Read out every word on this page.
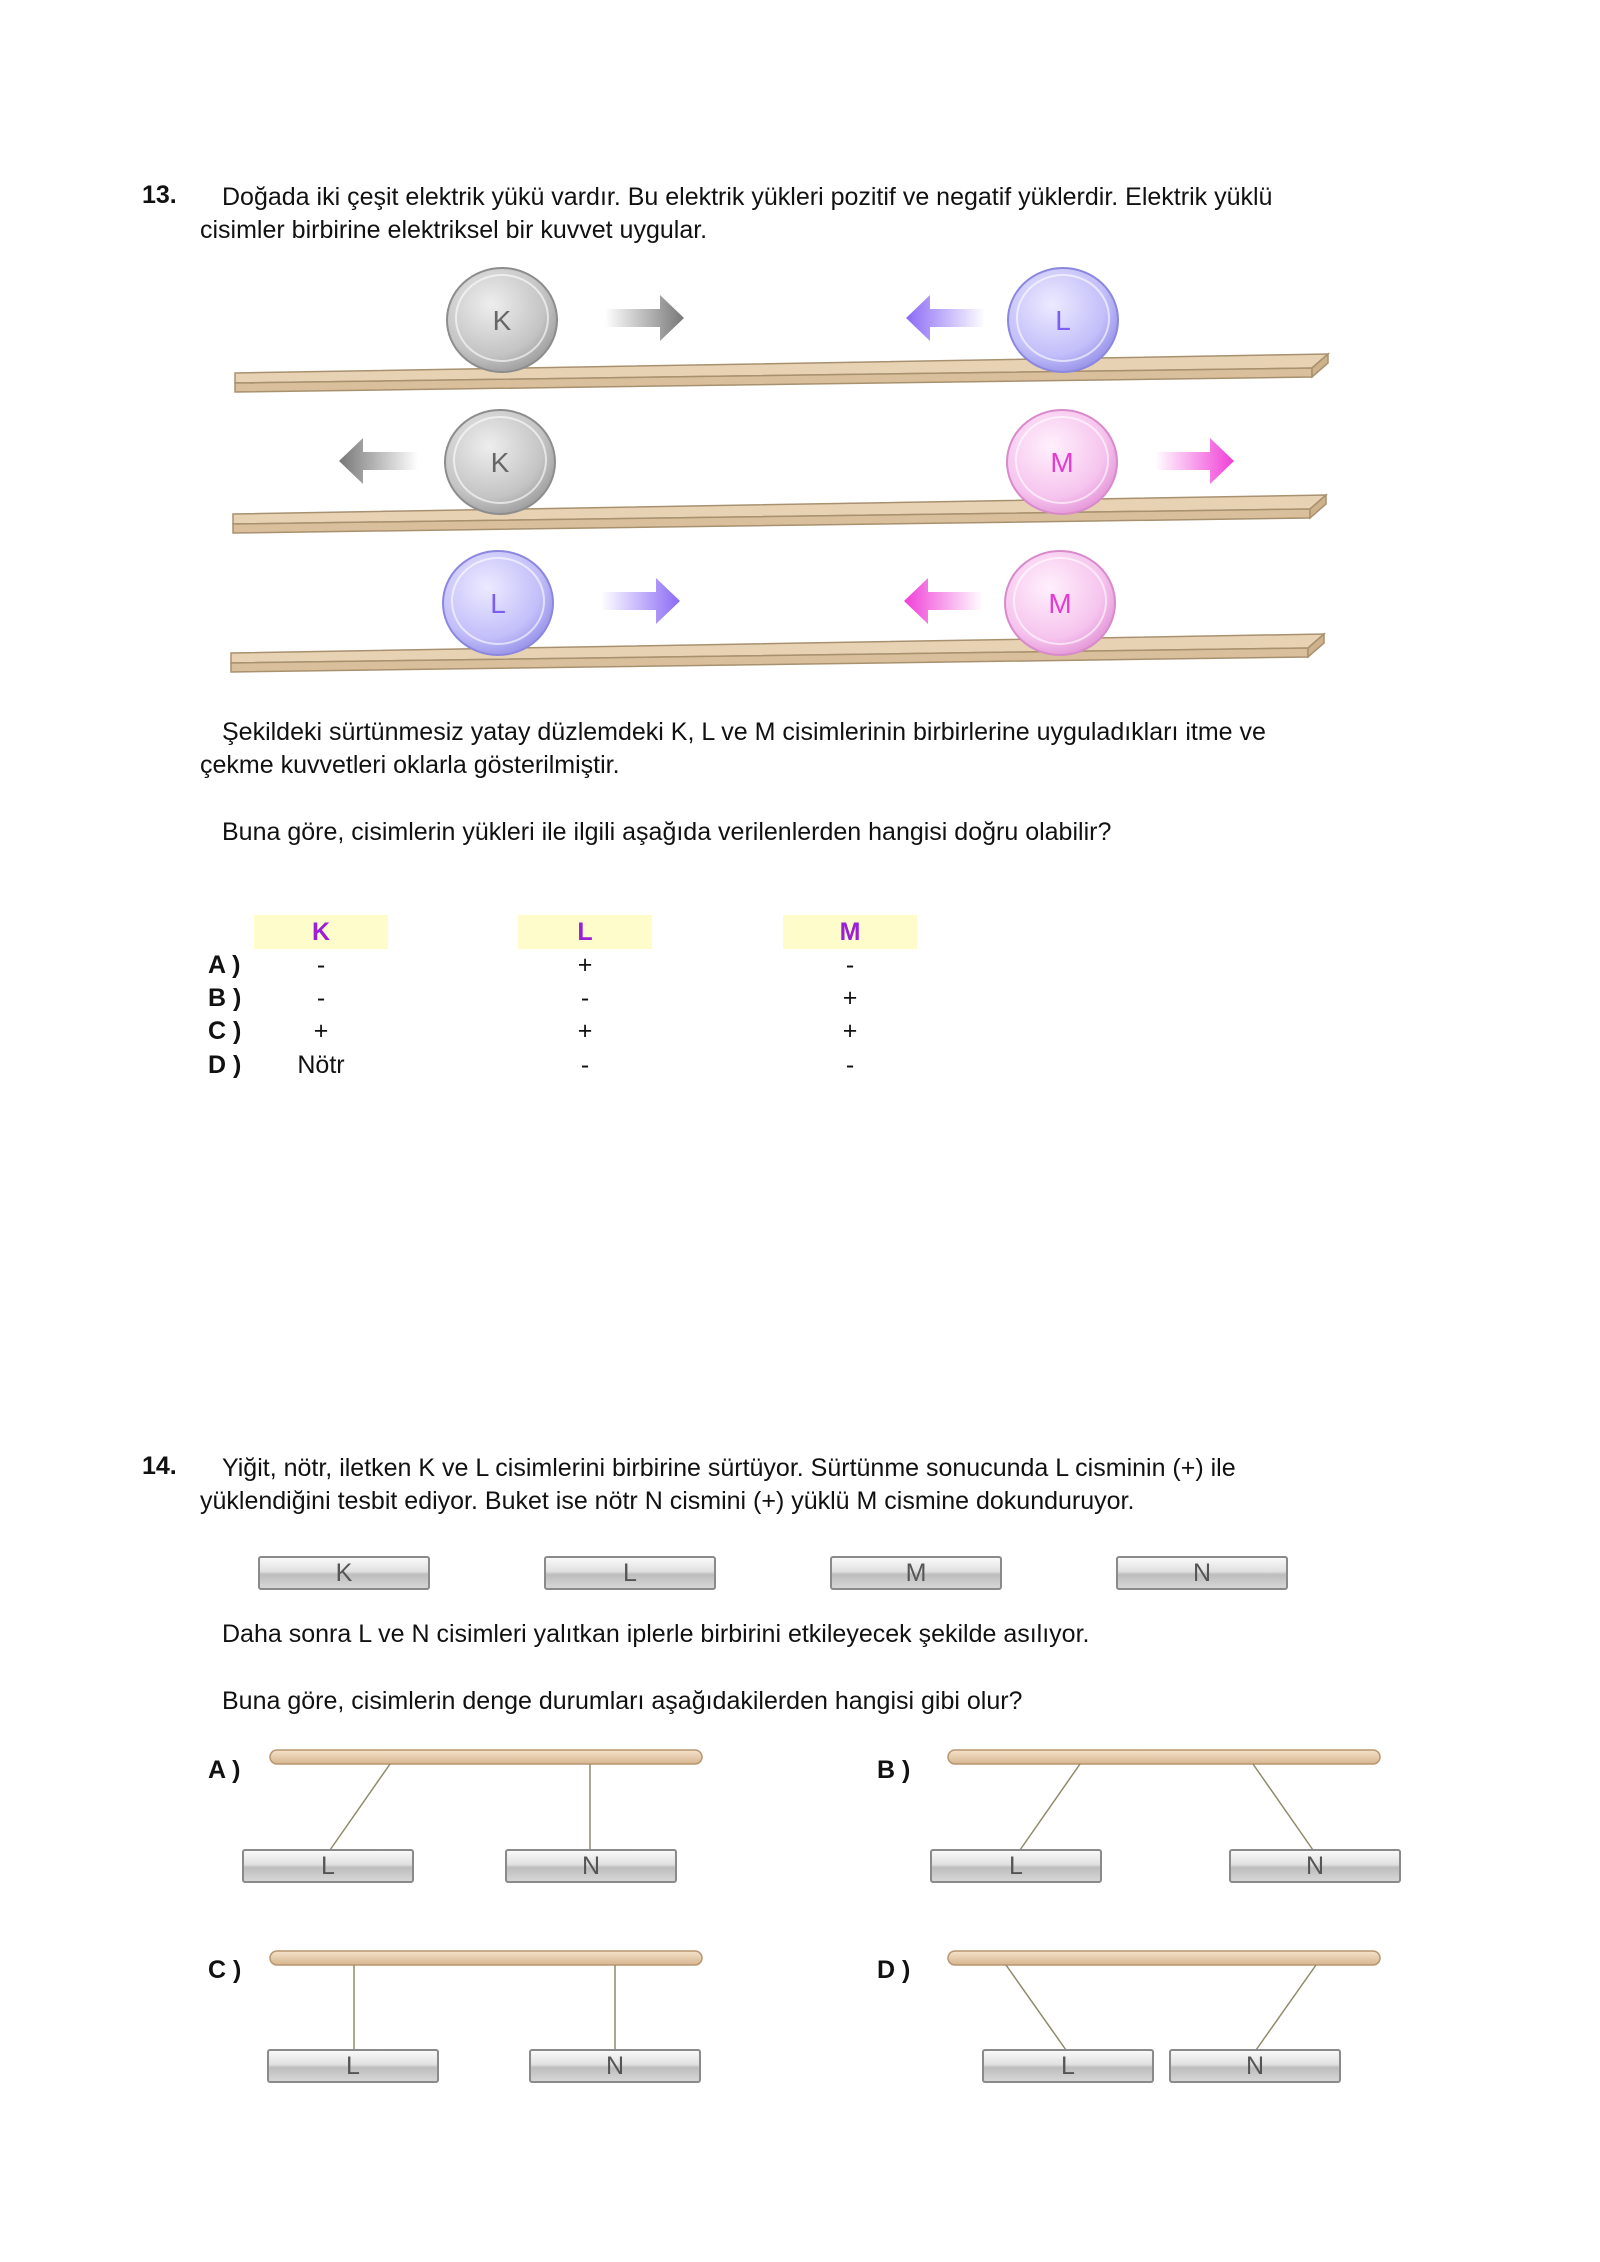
13. Doğada iki çeşit elektrik yükü vardır. Bu elektrik yükleri pozitif ve negatif yüklerdir. Elektrik yüklü
cisimler birbirine elektriksel bir kuvvet uygular.
K	L
K	M
L	M
Şekildeki sürtünmesiz yatay düzlemdeki K, L ve M cisimlerinin birbirlerine uyguladıkları itme ve
çekme kuvvetleri oklarla gösterilmiştir.
Buna göre, cisimlerin yükleri ile ilgili aşağıda verilenlerden hangisi doğru olabilir?
K	L	M
A )	-	+	-
B )	-	-	+
C )	+	+	+
D )	Nötr	-	-
14. Yiğit, nötr, iletken K ve L cisimlerini birbirine sürtüyor. Sürtünme sonucunda L cisminin (+) ile
yüklendiğini tesbit ediyor. Buket ise nötr N cismini (+) yüklü M cismine dokunduruyor.
K	L	M	N
Daha sonra L ve N cisimleri yalıtkan iplerle birbirini etkileyecek şekilde asılıyor.
Buna göre, cisimlerin denge durumları aşağıdakilerden hangisi gibi olur?
A )
L	N
B )
L	N
C )
L	N
D )
L	N
